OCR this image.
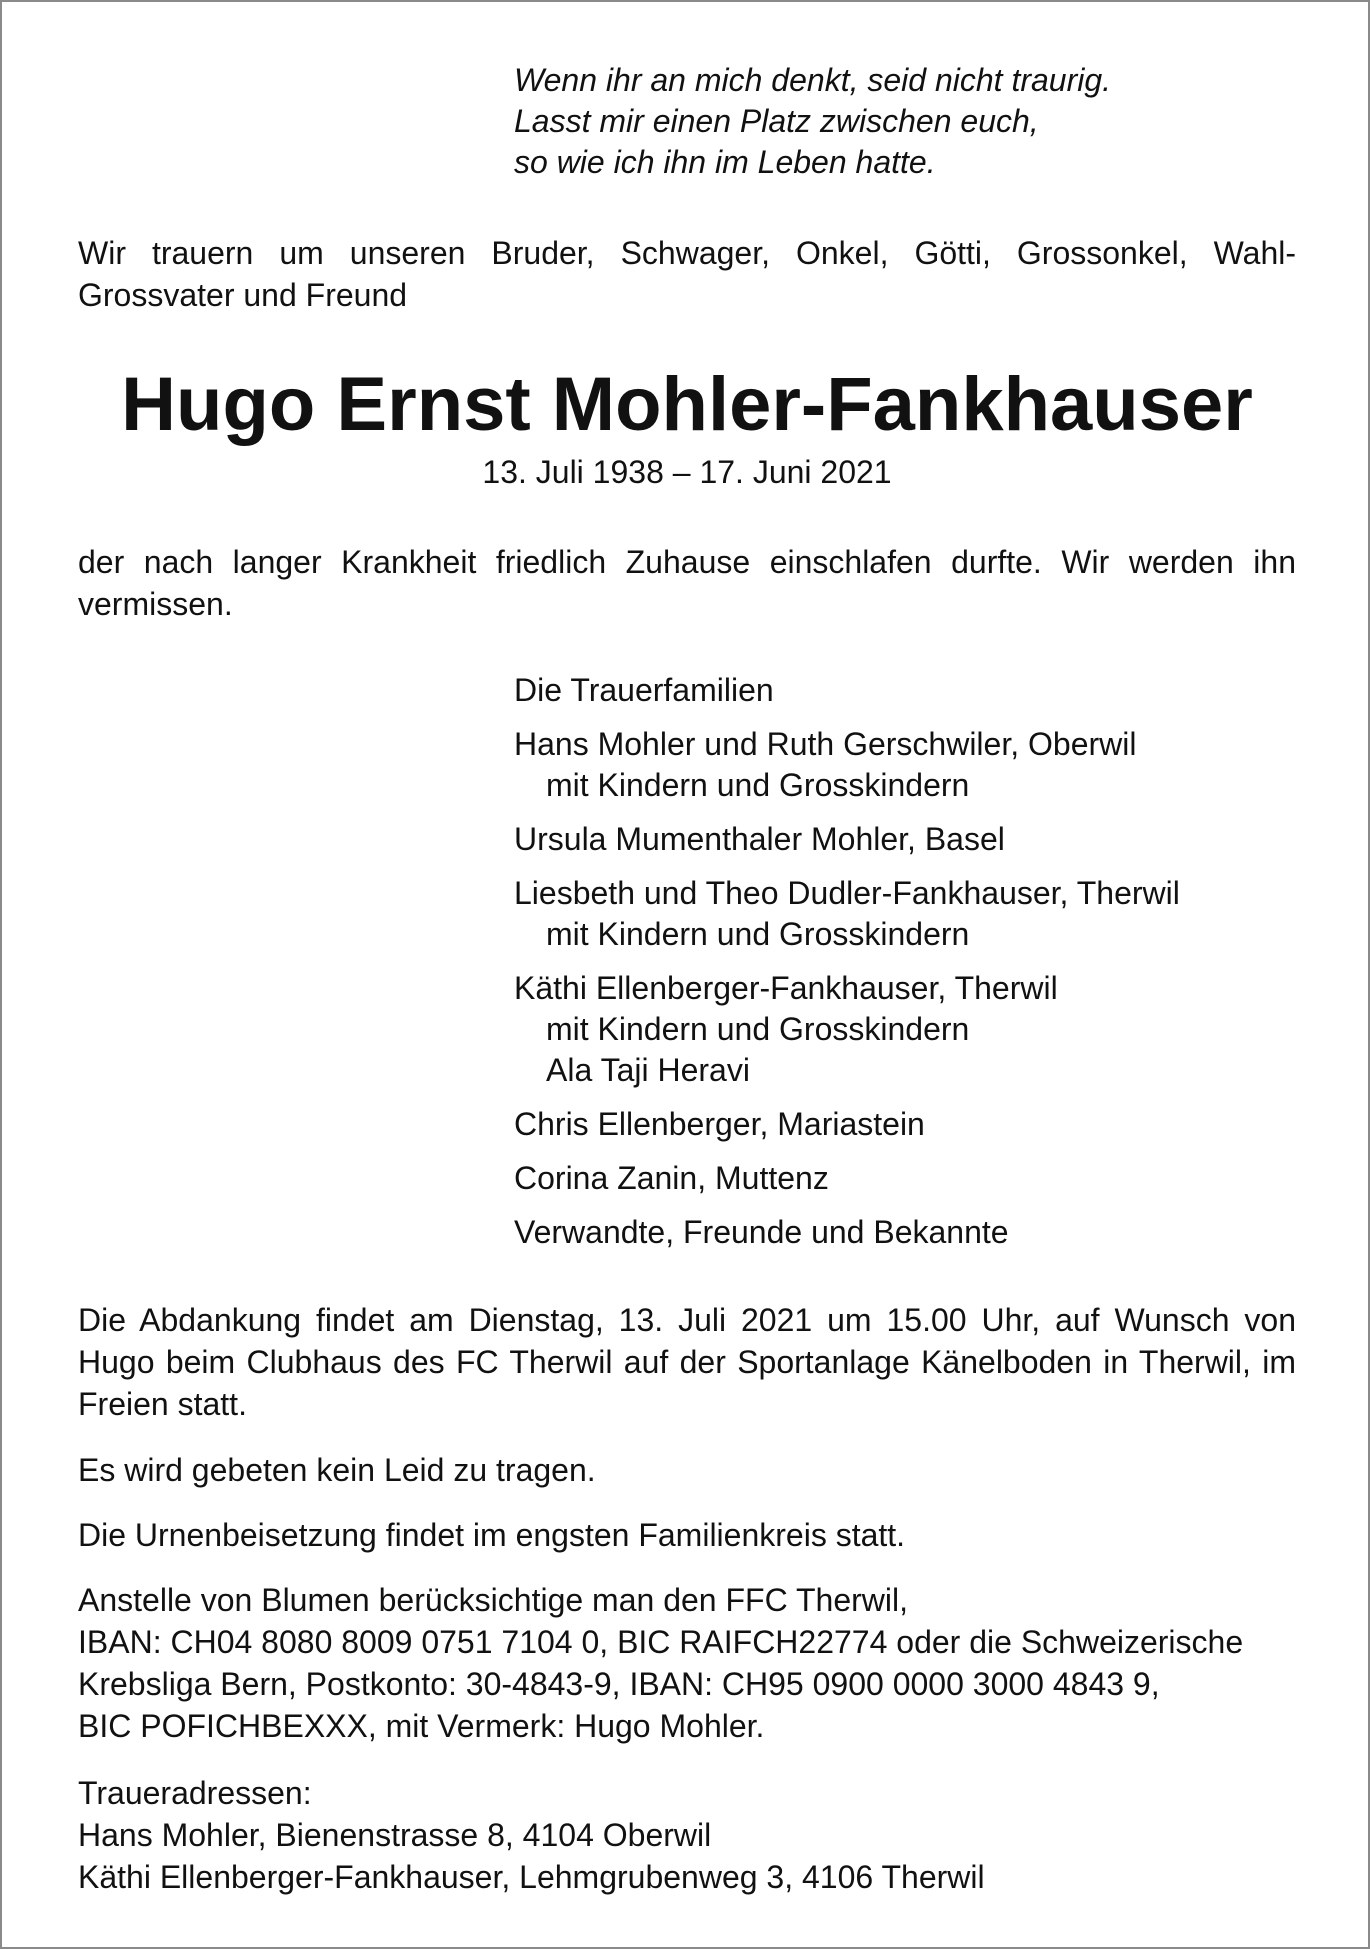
Wenn ihr an mich denkt, seid nicht traurig.
Lasst mir einen Platz zwischen euch,
so wie ich ihn im Leben hatte.
Wir trauern um unseren Bruder, Schwager, Onkel, Götti, Grossonkel, Wahl-Grossvater und Freund
Hugo Ernst Mohler-Fankhauser
13. Juli 1938 – 17. Juni 2021
der nach langer Krankheit friedlich Zuhause einschlafen durfte. Wir werden ihn vermissen.
Die Trauerfamilien
Hans Mohler und Ruth Gerschwiler, Oberwil
mit Kindern und Grosskindern
Ursula Mumenthaler Mohler, Basel
Liesbeth und Theo Dudler-Fankhauser, Therwil
mit Kindern und Grosskindern
Käthi Ellenberger-Fankhauser, Therwil
mit Kindern und Grosskindern
Ala Taji Heravi
Chris Ellenberger, Mariastein
Corina Zanin, Muttenz
Verwandte, Freunde und Bekannte
Die Abdankung findet am Dienstag, 13. Juli 2021 um 15.00 Uhr, auf Wunsch von Hugo beim Clubhaus des FC Therwil auf der Sportanlage Känelboden in Therwil, im Freien statt.
Es wird gebeten kein Leid zu tragen.
Die Urnenbeisetzung findet im engsten Familienkreis statt.
Anstelle von Blumen berücksichtige man den FFC Therwil,
IBAN: CH04 8080 8009 0751 7104 0, BIC RAIFCH22774 oder die Schweizerische
Krebsliga Bern, Postkonto: 30-4843-9, IBAN: CH95 0900 0000 3000 4843 9,
BIC POFICHBEXXX, mit Vermerk: Hugo Mohler.
Traueradressen:
Hans Mohler, Bienenstrasse 8, 4104 Oberwil
Käthi Ellenberger-Fankhauser, Lehmgrubenweg 3, 4106 Therwil
